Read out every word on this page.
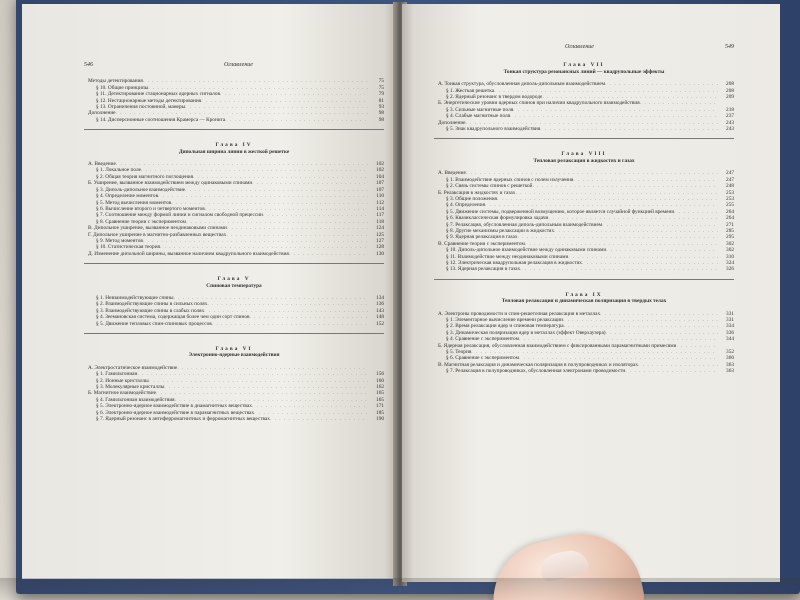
546	Оглавление
Методы детектирования . . .	75
§ 10. Общие принципы . . .	75
§ 11. Детектирование стационарных ядерных сигналов . . .	79
§ 12. Нестационарные методы детектирования . . .	81
§ 13. Ограничения постоянной, манеры . . .	93
Дополнение . . .	98
§ 14. Дисперсионные соотношения Крамерса — Кронига . . .	98
Глава IV
Дипольная ширина линии в жесткой решетке
А. Введение . . .	102
§ 1. Локальное поле . . .	102
§ 2. Общая теория магнитного поглощения . . .	104
Б. Уширение, вызванное взаимодействием между одинаковыми спинами . . .	107
§ 3. Диполь-дипольное взаимодействие . . .	107
§ 4. Определение моментов . . .	110
§ 5. Метод вычисления моментов . . .	112
§ 6. Вычисление второго и четвертого моментов . . .	114
§ 7. Соотношение между формой линии и сигналом свободной прецессии . . .	117
§ 8. Сравнение теории с экспериментом . . .	118
В. Дипольное уширение, вызванное неодинаковыми спинами . . .	124
Г. Дипольное уширение в магнитно-разбавленных веществах . . .	125
§ 9. Метод моментов . . .	127
§ 10. Статистическая теория . . .	128
Д. Изменение дипольной ширины, вызванное наличием квадрупольного взаимодействия . . .	130
Глава V
Спиновая температура
§ 1. Невзаимодействующие спины . . .	134
§ 2. Взаимодействующие спины в сильных полях . . .	136
§ 3. Взаимодействующие спины в слабых полях . . .	143
§ 4. Зеемановская система, содержащая более чем один сорт спинов . . .	148
§ 5. Движение тепловых спин-спиновых процессов . . .	152
Глава VI
Электронно-ядерные взаимодействия
А. Электростатическое взаимодействие
. . .
§ 1. Гамильтониан . . .	156
§ 2. Ионные кристаллы . . .	160
§ 3. Молекулярные кристаллы . . .	162
Б. Магнитное взаимодействие . . .	165
§ 4. Гамильтониан взаимодействия . . .	165
§ 5. Электронно-ядерное взаимодействие в диамагнитных веществах . . .	171
§ 6. Электронно-ядерное взаимодействие в парамагнитных веществах . . .	185
§ 7. Ядерный резонанс в антиферромагнитных и ферромагнитных веществах . . .	190
Оглавление	549
Глава VII
Тонкая структура резонансных линий — квадрупольные эффекты
А. Тонкая структура, обусловленная диполь-дипольным взаимодействием . . .	208
§ 1. Жесткая решетка . . .	208
§ 2. Ядерный резонанс в твердом водороде . . .	209
Б. Энергетические уровни ядерных спинов при наличии квадрупольного взаимодействия
. . .
§ 3. Сильные магнитные поля . . .	218
§ 4. Слабые магнитные поля . . .	237
Дополнение . . .	243
§ 5. Знак квадрупольного взаимодействия . . .	243
Глава VIII
Тепловая релаксация в жидкостях и газах
А. Введение . . .	247
§ 1. Взаимодействие ядерных спинов с полем излучения . . .	247
§ 2. Связь системы спинов с решеткой . . .	248
Б. Релаксация в жидкостях и газах . . .	253
§ 3. Общие положения . . .	253
§ 4. Определения . . .	255
§ 5. Движение системы, подверженной возмущению, которое является случайной функцией времени . . .	264
§ 6. Квазиклассическая формулировка задачи . . .	264
§ 7. Релаксация, обусловленная диполь-дипольным взаимодействием . . .	271
§ 8. Другие механизмы релаксации в жидкостях . . .	285
§ 9. Ядерная релаксация в газах . . .	295
В. Сравнение теории с экспериментом . . .	302
§ 10. Диполь-дипольное взаимодействие между одинаковыми спинами . . .	302
§ 11. Взаимодействие между неодинаковыми спинами . . .	310
§ 12. Электрическая квадрупольная релаксация в жидкостях . . .	324
§ 13. Ядерная релаксация в газах . . .	326
Глава IX
Тепловая релаксация и динамическая поляризация в твердых телах
А. Электроны проводимости и спин-решеточная релаксация в металлах . . .	331
§ 1. Элементарное вычисление времени релаксации . . .	331
§ 2. Время релаксации ядер и спиновая температура . . .	334
§ 3. Динамическая поляризация ядер в металлах (эффект Оверхаузера) . . .	336
§ 4. Сравнение с экспериментом . . .	344
Б. Ядерная релаксация, обусловленная взаимодействием с фиксированными парамагнитными примесями
. . .
§ 5. Теория . . .	352
§ 6. Сравнение с экспериментом . . .	360
В. Магнитная релаксация и динамическая поляризация в полупроводниках и изоляторах . . .	363
§ 7. Релаксация в полупроводниках, обусловленная электронами проводимости . . .	363
